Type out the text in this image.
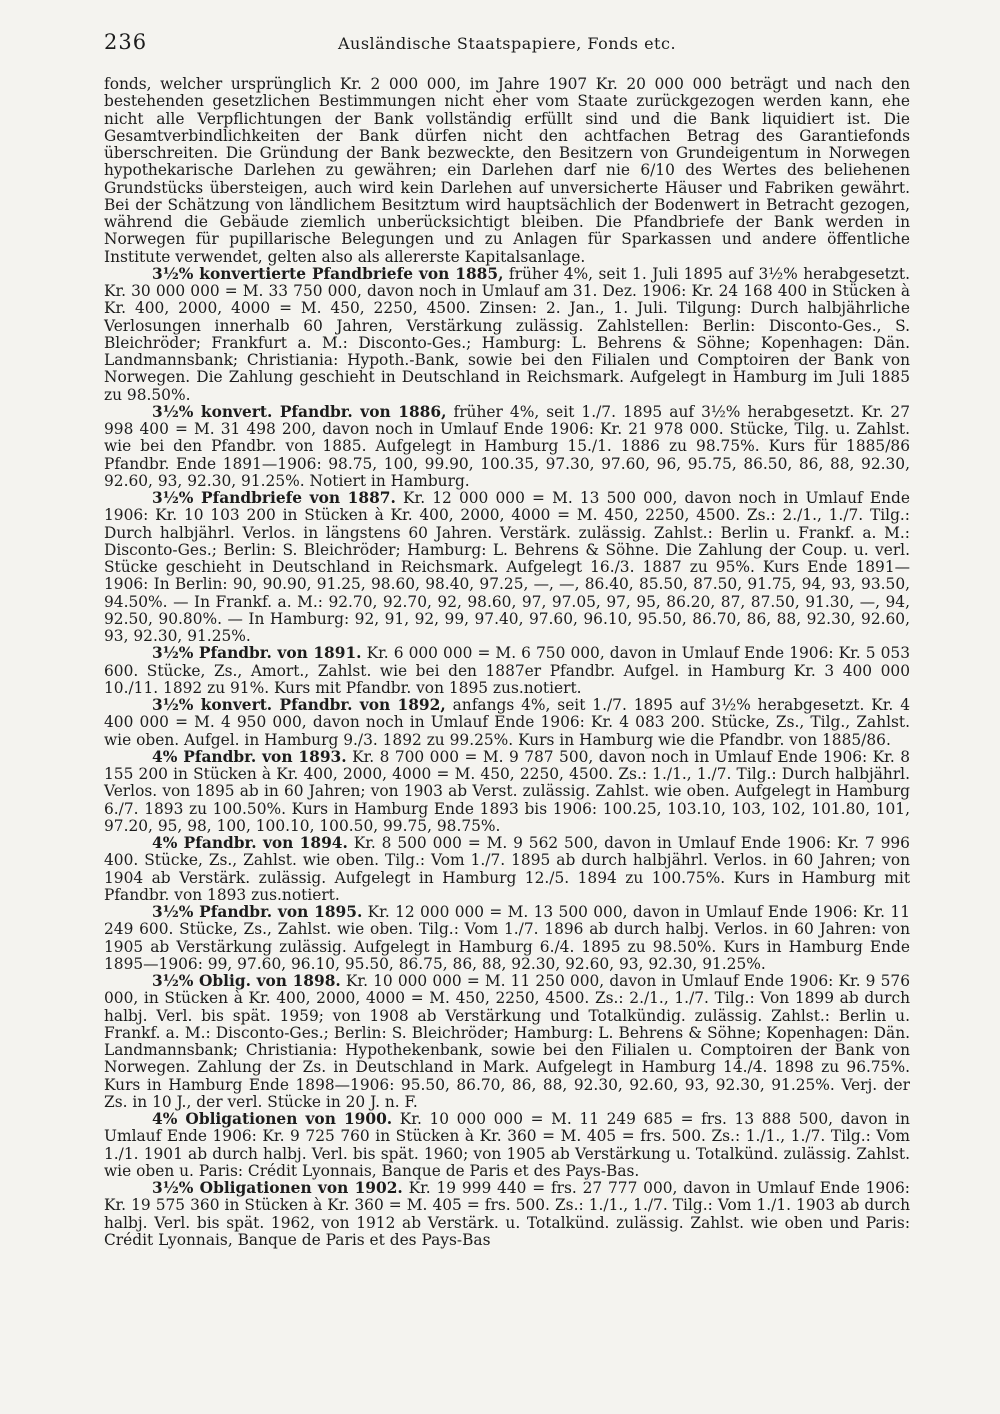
236	Ausländische Staatspapiere, Fonds etc.

fonds, welcher ursprünglich Kr. 2 000 000, im Jahre 1907 Kr. 20 000 000 beträgt und nach den bestehenden gesetzlichen Bestimmungen nicht eher vom Staate zurückgezogen werden kann, ehe nicht alle Verpflichtungen der Bank vollständig erfüllt sind und die Bank liquidiert ist. Die Gesamtverbindlichkeiten der Bank dürfen nicht den achtfachen Betrag des Garantiefonds überschreiten. Die Gründung der Bank bezweckte, den Besitzern von Grundeigentum in Norwegen hypothekarische Darlehen zu gewähren; ein Darlehen darf nie 6/10 des Wertes des beliehenen Grundstücks übersteigen, auch wird kein Darlehen auf unversicherte Häuser und Fabriken gewährt. Bei der Schätzung von ländlichem Besitztum wird hauptsächlich der Bodenwert in Betracht gezogen, während die Gebäude ziemlich unberücksichtigt bleiben. Die Pfandbriefe der Bank werden in Norwegen für pupillarische Belegungen und zu Anlagen für Sparkassen und andere öffentliche Institute verwendet, gelten also als allererste Kapitalsanlage.

3½% konvertierte Pfandbriefe von 1885, früher 4%, seit 1. Juli 1895 auf 3½% herabgesetzt. Kr. 30 000 000 = M. 33 750 000, davon noch in Umlauf am 31. Dez. 1906: Kr. 24 168 400 in Stücken à Kr. 400, 2000, 4000 = M. 450, 2250, 4500. Zinsen: 2. Jan., 1. Juli. Tilgung: Durch halbjährliche Verlosungen innerhalb 60 Jahren, Verstärkung zulässig. Zahlstellen: Berlin: Disconto-Ges., S. Bleichröder; Frankfurt a. M.: Disconto-Ges.; Hamburg: L. Behrens & Söhne; Kopenhagen: Dän. Landmannsbank; Christiania: Hypoth.-Bank, sowie bei den Filialen und Comptoiren der Bank von Norwegen. Die Zahlung geschieht in Deutschland in Reichsmark. Aufgelegt in Hamburg im Juli 1885 zu 98.50%.

3½% konvert. Pfandbr. von 1886, früher 4%, seit 1./7. 1895 auf 3½% herabgesetzt. Kr. 27 998 400 = M. 31 498 200, davon noch in Umlauf Ende 1906: Kr. 21 978 000. Stücke, Tilg. u. Zahlst. wie bei den Pfandbr. von 1885. Aufgelegt in Hamburg 15./1. 1886 zu 98.75%. Kurs für 1885/86 Pfandbr. Ende 1891—1906: 98.75, 100, 99.90, 100.35, 97.30, 97.60, 96, 95.75, 86.50, 86, 88, 92.30, 92.60, 93, 92.30, 91.25%. Notiert in Hamburg.

3½% Pfandbriefe von 1887. Kr. 12 000 000 = M. 13 500 000, davon noch in Umlauf Ende 1906: Kr. 10 103 200 in Stücken à Kr. 400, 2000, 4000 = M. 450, 2250, 4500. Zs.: 2./1., 1./7. Tilg.: Durch halbjährl. Verlos. in längstens 60 Jahren. Verstärk. zulässig. Zahlst.: Berlin u. Frankf. a. M.: Disconto-Ges.; Berlin: S. Bleichröder; Hamburg: L. Behrens & Söhne. Die Zahlung der Coup. u. verl. Stücke geschieht in Deutschland in Reichsmark. Aufgelegt 16./3. 1887 zu 95%. Kurs Ende 1891—1906: In Berlin: 90, 90.90, 91.25, 98.60, 98.40, 97.25, —, —, 86.40, 85.50, 87.50, 91.75, 94, 93, 93.50, 94.50%. — In Frankf. a. M.: 92.70, 92.70, 92, 98.60, 97, 97.05, 97, 95, 86.20, 87, 87.50, 91.30, —, 94, 92.50, 90.80%. — In Hamburg: 92, 91, 92, 99, 97.40, 97.60, 96.10, 95.50, 86.70, 86, 88, 92.30, 92.60, 93, 92.30, 91.25%.

3½% Pfandbr. von 1891. Kr. 6 000 000 = M. 6 750 000, davon in Umlauf Ende 1906: Kr. 5 053 600. Stücke, Zs., Amort., Zahlst. wie bei den 1887er Pfandbr. Aufgel. in Hamburg Kr. 3 400 000 10./11. 1892 zu 91%. Kurs mit Pfandbr. von 1895 zus.notiert.

3½% konvert. Pfandbr. von 1892, anfangs 4%, seit 1./7. 1895 auf 3½% herabgesetzt. Kr. 4 400 000 = M. 4 950 000, davon noch in Umlauf Ende 1906: Kr. 4 083 200. Stücke, Zs., Tilg., Zahlst. wie oben. Aufgel. in Hamburg 9./3. 1892 zu 99.25%. Kurs in Hamburg wie die Pfandbr. von 1885/86.

4% Pfandbr. von 1893. Kr. 8 700 000 = M. 9 787 500, davon noch in Umlauf Ende 1906: Kr. 8 155 200 in Stücken à Kr. 400, 2000, 4000 = M. 450, 2250, 4500. Zs.: 1./1., 1./7. Tilg.: Durch halbjährl. Verlos. von 1895 ab in 60 Jahren; von 1903 ab Verst. zulässig. Zahlst. wie oben. Aufgelegt in Hamburg 6./7. 1893 zu 100.50%. Kurs in Hamburg Ende 1893 bis 1906: 100.25, 103.10, 103, 102, 101.80, 101, 97.20, 95, 98, 100, 100.10, 100.50, 99.75, 98.75%.

4% Pfandbr. von 1894. Kr. 8 500 000 = M. 9 562 500, davon in Umlauf Ende 1906: Kr. 7 996 400. Stücke, Zs., Zahlst. wie oben. Tilg.: Vom 1./7. 1895 ab durch halbjährl. Verlos. in 60 Jahren; von 1904 ab Verstärk. zulässig. Aufgelegt in Hamburg 12./5. 1894 zu 100.75%. Kurs in Hamburg mit Pfandbr. von 1893 zus.notiert.

3½% Pfandbr. von 1895. Kr. 12 000 000 = M. 13 500 000, davon in Umlauf Ende 1906: Kr. 11 249 600. Stücke, Zs., Zahlst. wie oben. Tilg.: Vom 1./7. 1896 ab durch halbj. Verlos. in 60 Jahren: von 1905 ab Verstärkung zulässig. Aufgelegt in Hamburg 6./4. 1895 zu 98.50%. Kurs in Hamburg Ende 1895—1906: 99, 97.60, 96.10, 95.50, 86.75, 86, 88, 92.30, 92.60, 93, 92.30, 91.25%.

3½% Oblig. von 1898. Kr. 10 000 000 = M. 11 250 000, davon in Umlauf Ende 1906: Kr. 9 576 000, in Stücken à Kr. 400, 2000, 4000 = M. 450, 2250, 4500. Zs.: 2./1., 1./7. Tilg.: Von 1899 ab durch halbj. Verl. bis spät. 1959; von 1908 ab Verstärkung und Totalkündig. zulässig. Zahlst.: Berlin u. Frankf. a. M.: Disconto-Ges.; Berlin: S. Bleichröder; Hamburg: L. Behrens & Söhne; Kopenhagen: Dän. Landmannsbank; Christiania: Hypothekenbank, sowie bei den Filialen u. Comptoiren der Bank von Norwegen. Zahlung der Zs. in Deutschland in Mark. Aufgelegt in Hamburg 14./4. 1898 zu 96.75%. Kurs in Hamburg Ende 1898—1906: 95.50, 86.70, 86, 88, 92.30, 92.60, 93, 92.30, 91.25%. Verj. der Zs. in 10 J., der verl. Stücke in 20 J. n. F.

4% Obligationen von 1900. Kr. 10 000 000 = M. 11 249 685 = frs. 13 888 500, davon in Umlauf Ende 1906: Kr. 9 725 760 in Stücken à Kr. 360 = M. 405 = frs. 500. Zs.: 1./1., 1./7. Tilg.: Vom 1./1. 1901 ab durch halbj. Verl. bis spät. 1960; von 1905 ab Verstärkung u. Totalkünd. zulässig. Zahlst. wie oben u. Paris: Crédit Lyonnais, Banque de Paris et des Pays-Bas.

3½% Obligationen von 1902. Kr. 19 999 440 = frs. 27 777 000, davon in Umlauf Ende 1906: Kr. 19 575 360 in Stücken à Kr. 360 = M. 405 = frs. 500. Zs.: 1./1., 1./7. Tilg.: Vom 1./1. 1903 ab durch halbj. Verl. bis spät. 1962, von 1912 ab Verstärk. u. Totalkünd. zulässig. Zahlst. wie oben und Paris: Crédit Lyonnais, Banque de Paris et des Pays-Bas
